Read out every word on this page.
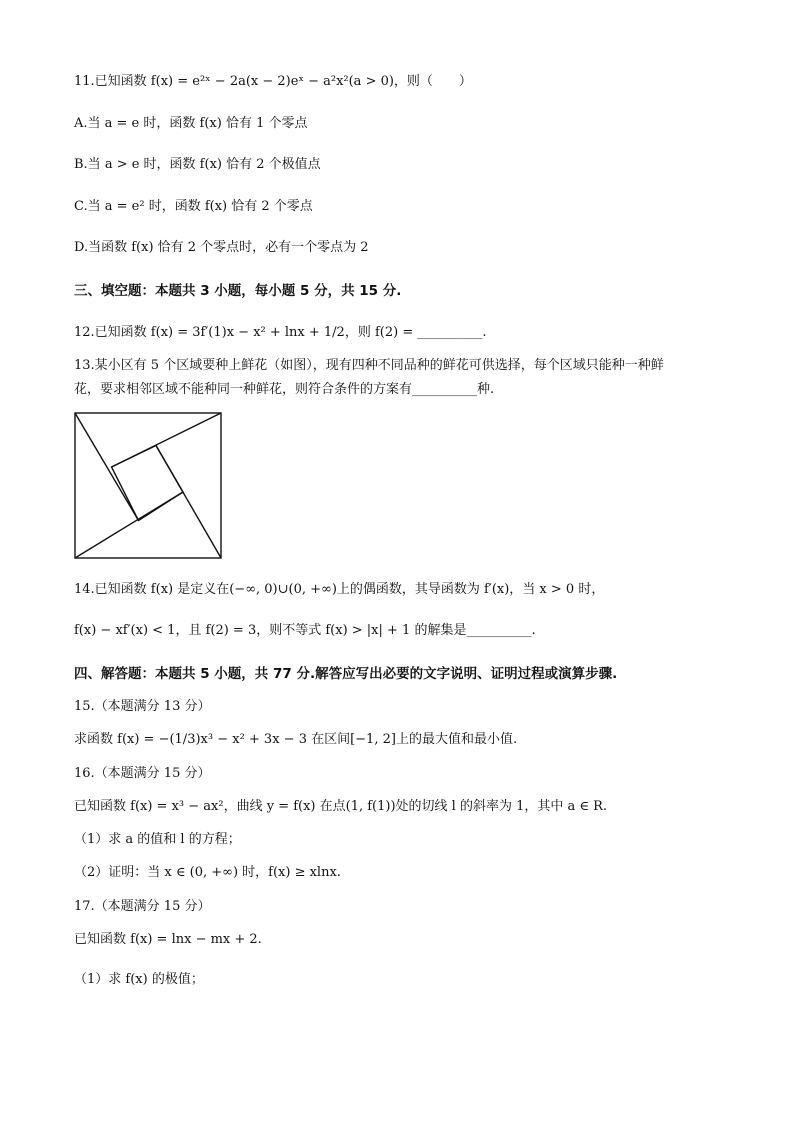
11.已知函数 f(x) = e²ˣ − 2a(x − 2)eˣ − a²x²(a > 0)，则（　　）
A.当 a = e 时，函数 f(x) 恰有 1 个零点
B.当 a > e 时，函数 f(x) 恰有 2 个极值点
C.当 a = e² 时，函数 f(x) 恰有 2 个零点
D.当函数 f(x) 恰有 2 个零点时，必有一个零点为 2
三、填空题：本题共 3 小题，每小题 5 分，共 15 分.
12.已知函数 f(x) = 3f′(1)x − x² + lnx + 1/2，则 f(2) = __________.
13.某小区有 5 个区域要种上鲜花（如图），现有四种不同品种的鲜花可供选择，每个区域只能种一种鲜
花，要求相邻区域不能种同一种鲜花，则符合条件的方案有__________种.
14.已知函数 f(x) 是定义在(−∞, 0)∪(0, +∞)上的偶函数，其导函数为 f′(x)，当 x > 0 时，
f(x) − xf′(x) < 1，且 f(2) = 3，则不等式 f(x) > |x| + 1 的解集是__________.
四、解答题：本题共 5 小题，共 77 分.解答应写出必要的文字说明、证明过程或演算步骤.
15.（本题满分 13 分）
求函数 f(x) = −(1/3)x³ − x² + 3x − 3 在区间[−1, 2]上的最大值和最小值.
16.（本题满分 15 分）
已知函数 f(x) = x³ − ax²，曲线 y = f(x) 在点(1, f(1))处的切线 l 的斜率为 1，其中 a ∈ R.
（1）求 a 的值和 l 的方程；
（2）证明：当 x ∈ (0, +∞) 时，f(x) ≥ xlnx.
17.（本题满分 15 分）
已知函数 f(x) = lnx − mx + 2.
（1）求 f(x) 的极值；
